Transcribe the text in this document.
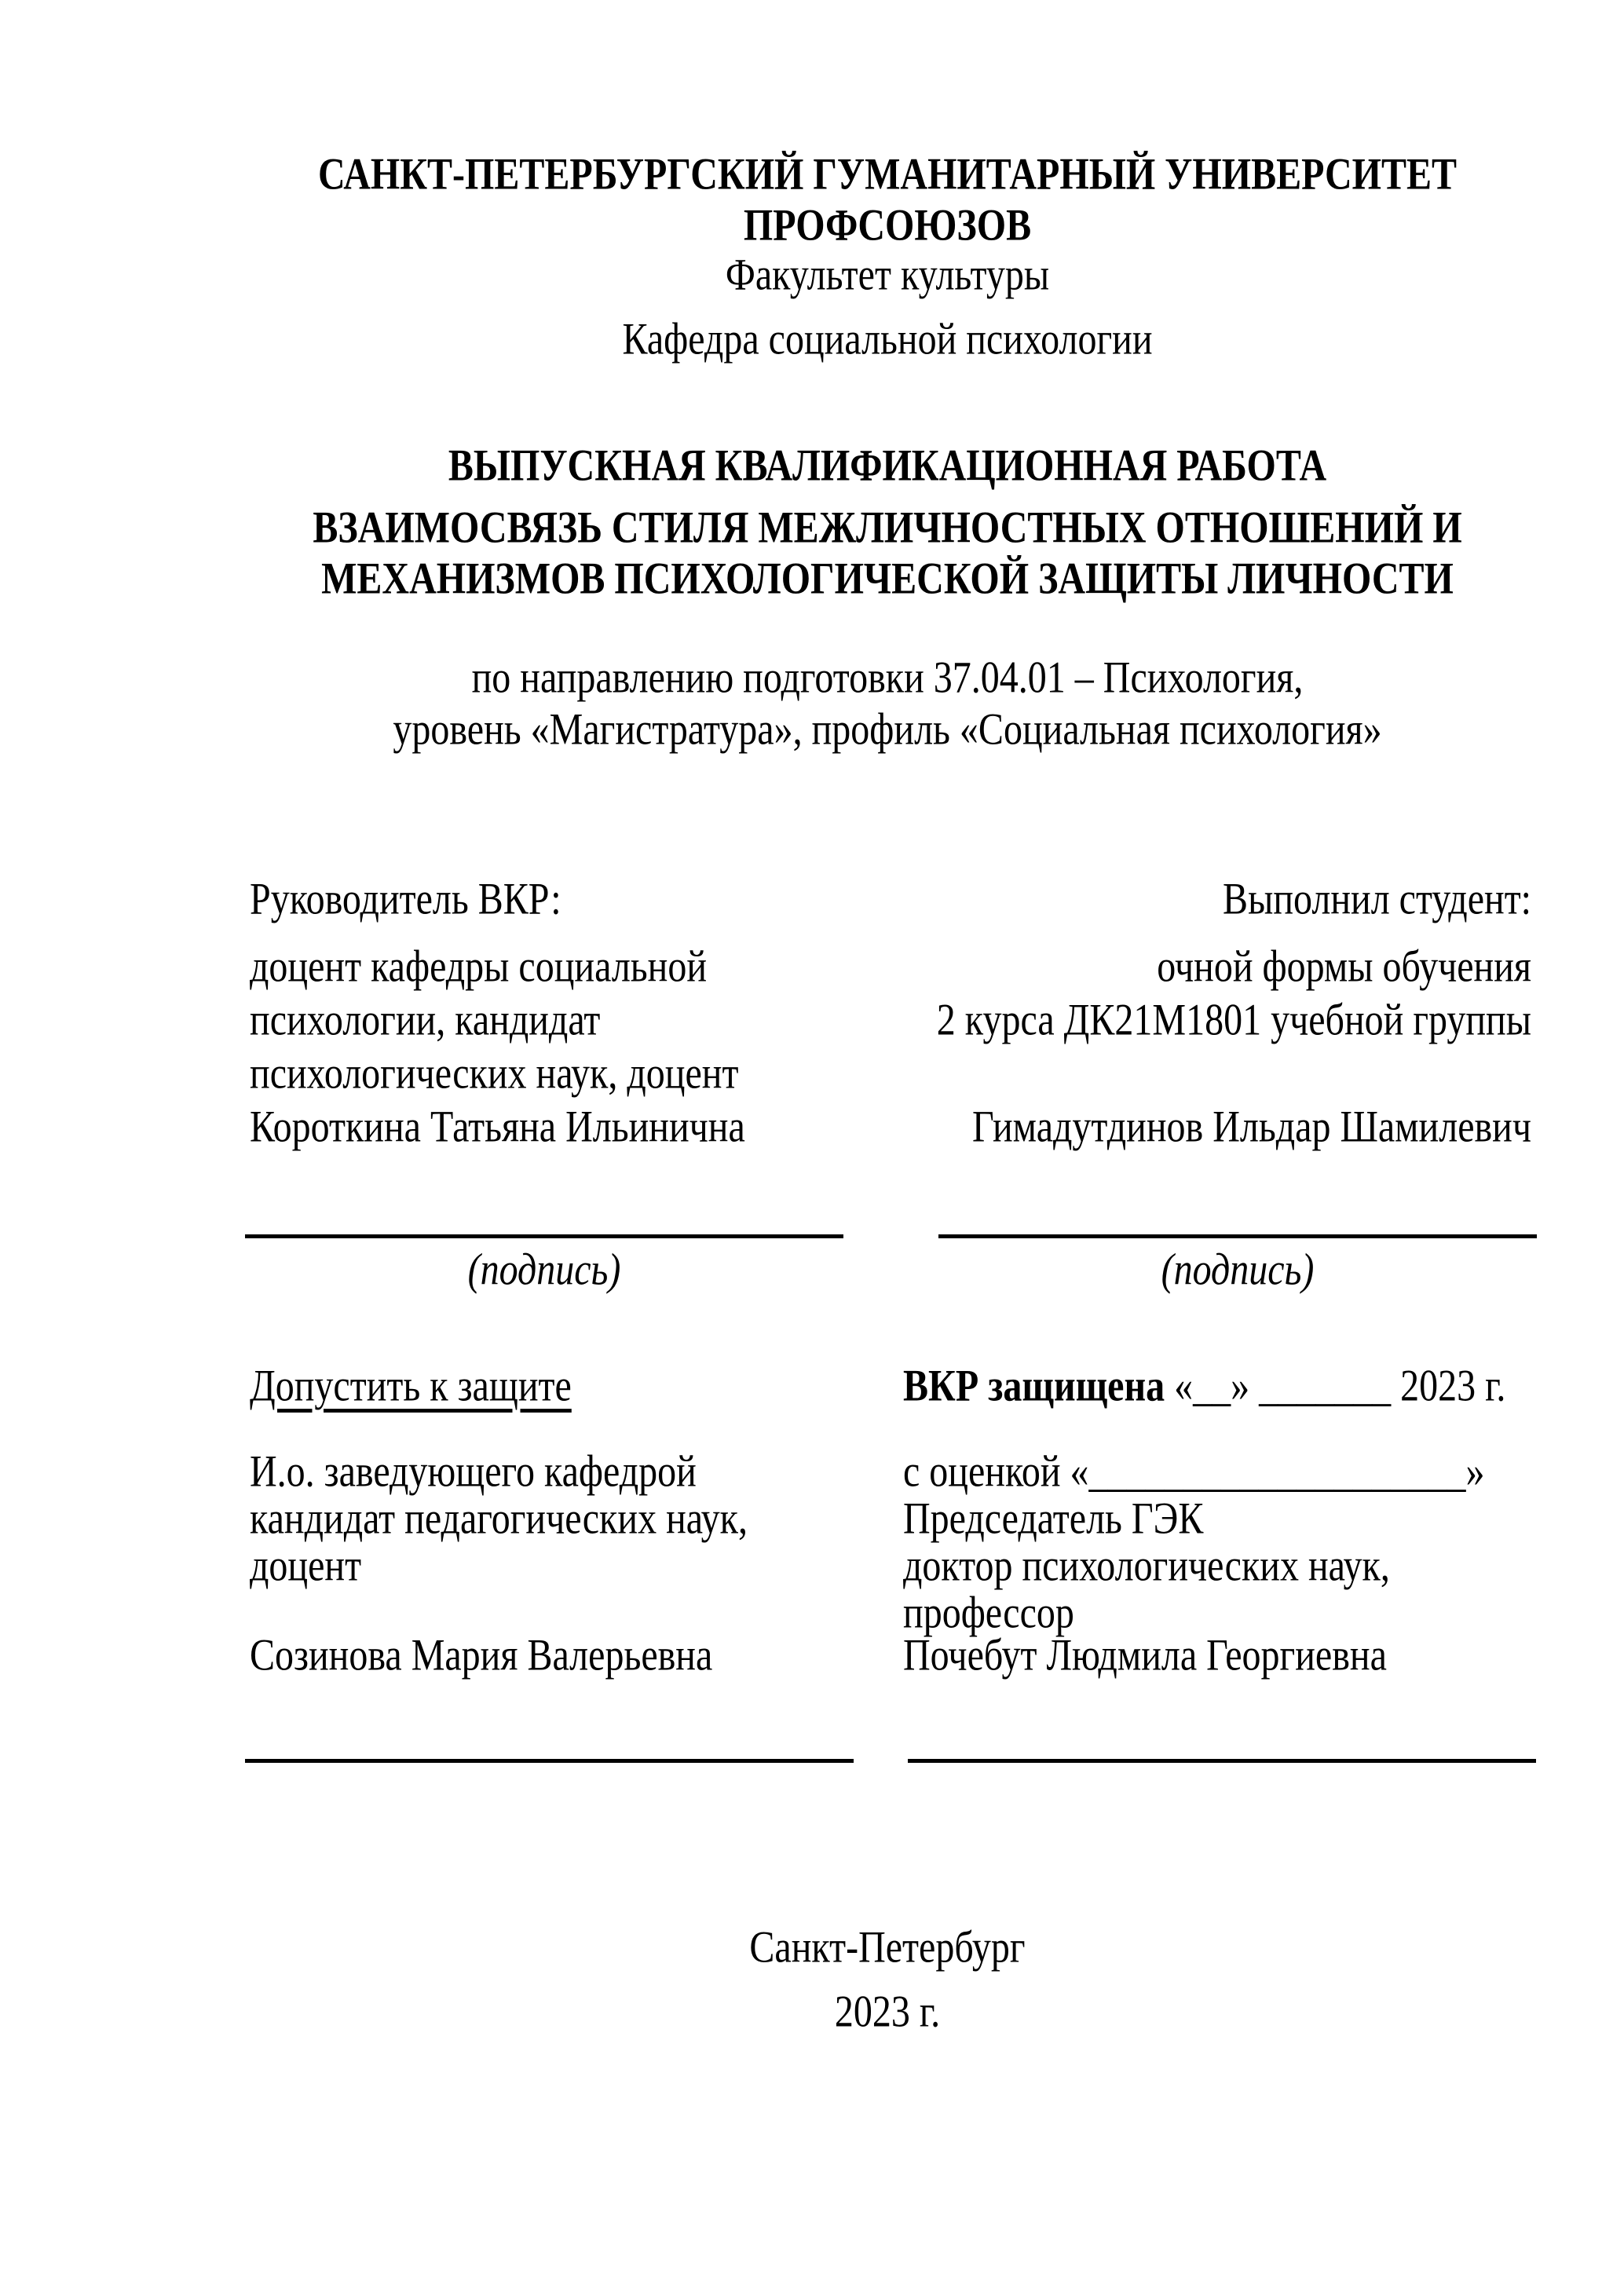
САНКТ-ПЕТЕРБУРГСКИЙ ГУМАНИТАРНЫЙ УНИВЕРСИТЕТ
ПРОФСОЮЗОВ
Факультет культуры
Кафедра социальной психологии
ВЫПУСКНАЯ КВАЛИФИКАЦИОННАЯ РАБОТА
ВЗАИМОСВЯЗЬ СТИЛЯ МЕЖЛИЧНОСТНЫХ ОТНОШЕНИЙ И
МЕХАНИЗМОВ ПСИХОЛОГИЧЕСКОЙ ЗАЩИТЫ ЛИЧНОСТИ
по направлению подготовки 37.04.01 – Психология,
уровень «Магистратура», профиль «Социальная психология»
Руководитель ВКР:
доцент кафедры социальной
психологии, кандидат
психологических наук, доцент
Короткина Татьяна Ильинична
Выполнил студент:
очной формы обучения
2 курса ДК21М1801 учебной группы
Гимадутдинов Ильдар Шамилевич
(подпись)	(подпись)
Допустить к защите	ВКР защищена «__» _______ 2023 г.
И.о. заведующего кафедрой
кандидат педагогических наук,
доцент
Созинова Мария Валерьевна
с оценкой «____________________»
Председатель ГЭК
доктор психологических наук,
профессор
Почебут Людмила Георгиевна
Санкт-Петербург
2023 г.
